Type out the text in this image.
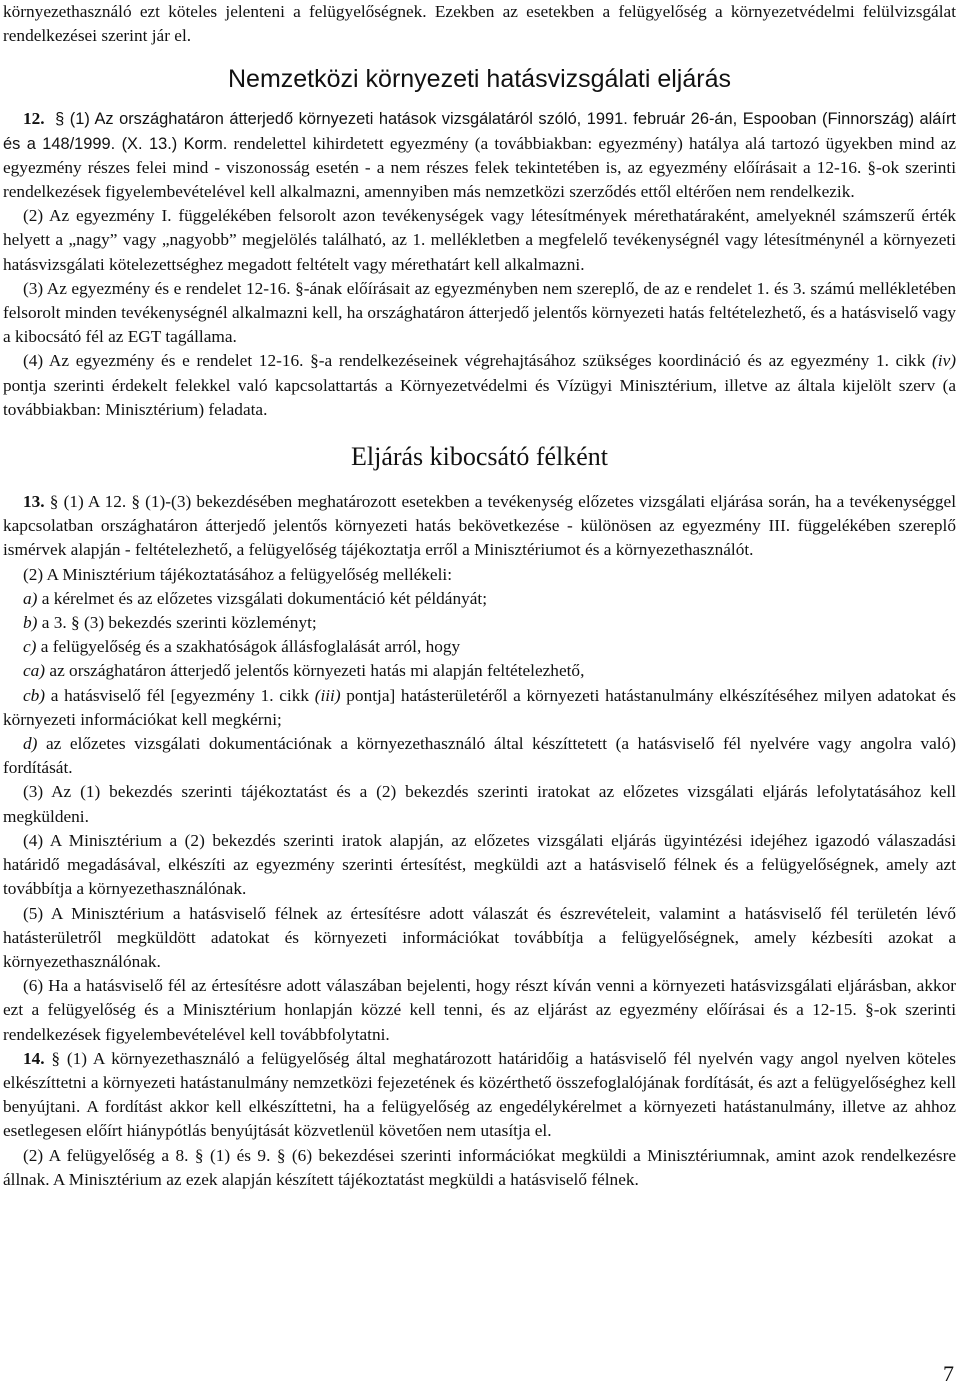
környezethasználó ezt köteles jelenteni a felügyelőségnek. Ezekben az esetekben a felügyelőség a környezetvédelmi felülvizsgálat rendelkezései szerint jár el.

Nemzetközi környezeti hatásvizsgálati eljárás

12. § (1) Az országhatáron átterjedő környezeti hatások vizsgálatáról szóló, 1991. február 26-án, Espooban (Finnország) aláírt és a 148/1999. (X. 13.) Korm. rendelettel kihirdetett egyezmény (a továbbiakban: egyezmény) hatálya alá tartozó ügyekben mind az egyezmény részes felei mind - viszonosság esetén - a nem részes felek tekintetében is, az egyezmény előírásait a 12-16. §-ok szerinti rendelkezések figyelembevételével kell alkalmazni, amennyiben más nemzetközi szerződés ettől eltérően nem rendelkezik.

(2) Az egyezmény I. függelékében felsorolt azon tevékenységek vagy létesítmények mérethatáraként, amelyeknél számszerű érték helyett a „nagy” vagy „nagyobb” megjelölés található, az 1. mellékletben a megfelelő tevékenységnél vagy létesítménynél a környezeti hatásvizsgálati kötelezettséghez megadott feltételt vagy mérethatárt kell alkalmazni.

(3) Az egyezmény és e rendelet 12-16. §-ának előírásait az egyezményben nem szereplő, de az e rendelet 1. és 3. számú mellékletében felsorolt minden tevékenységnél alkalmazni kell, ha országhatáron átterjedő jelentős környezeti hatás feltételezhető, és a hatásviselő vagy a kibocsátó fél az EGT tagállama.

(4) Az egyezmény és e rendelet 12-16. §-a rendelkezéseinek végrehajtásához szükséges koordináció és az egyezmény 1. cikk (iv) pontja szerinti érdekelt felekkel való kapcsolattartás a Környezetvédelmi és Vízügyi Minisztérium, illetve az általa kijelölt szerv (a továbbiakban: Minisztérium) feladata.

Eljárás kibocsátó félként

13. § (1) A 12. § (1)-(3) bekezdésében meghatározott esetekben a tevékenység előzetes vizsgálati eljárása során, ha a tevékenységgel kapcsolatban országhatáron átterjedő jelentős környezeti hatás bekövetkezése - különösen az egyezmény III. függelékében szereplő ismérvek alapján - feltételezhető, a felügyelőség tájékoztatja erről a Minisztériumot és a környezethasználót.

(2) A Minisztérium tájékoztatásához a felügyelőség mellékeli:

a) a kérelmet és az előzetes vizsgálati dokumentáció két példányát;

b) a 3. § (3) bekezdés szerinti közleményt;

c) a felügyelőség és a szakhatóságok állásfoglalását arról, hogy

ca) az országhatáron átterjedő jelentős környezeti hatás mi alapján feltételezhető,

cb) a hatásviselő fél [egyezmény 1. cikk (iii) pontja] hatásterületéről a környezeti hatástanulmány elkészítéséhez milyen adatokat és környezeti információkat kell megkérni;

d) az előzetes vizsgálati dokumentációnak a környezethasználó által készíttetett (a hatásviselő fél nyelvére vagy angolra való) fordítását.

(3) Az (1) bekezdés szerinti tájékoztatást és a (2) bekezdés szerinti iratokat az előzetes vizsgálati eljárás lefolytatásához kell megküldeni.

(4) A Minisztérium a (2) bekezdés szerinti iratok alapján, az előzetes vizsgálati eljárás ügyintézési idejéhez igazodó válaszadási határidő megadásával, elkészíti az egyezmény szerinti értesítést, megküldi azt a hatásviselő félnek és a felügyelőségnek, amely azt továbbítja a környezethasználónak.

(5) A Minisztérium a hatásviselő félnek az értesítésre adott válaszát és észrevételeit, valamint a hatásviselő fél területén lévő hatásterületről megküldött adatokat és környezeti információkat továbbítja a felügyelőségnek, amely kézbesíti azokat a környezethasználónak.

(6) Ha a hatásviselő fél az értesítésre adott válaszában bejelenti, hogy részt kíván venni a környezeti hatásvizsgálati eljárásban, akkor ezt a felügyelőség és a Minisztérium honlapján közzé kell tenni, és az eljárást az egyezmény előírásai és a 12-15. §-ok szerinti rendelkezések figyelembevételével kell továbbfolytatni.

14. § (1) A környezethasználó a felügyelőség által meghatározott határidőig a hatásviselő fél nyelvén vagy angol nyelven köteles elkészíttetni a környezeti hatástanulmány nemzetközi fejezetének és közérthető összefoglalójának fordítását, és azt a felügyelőséghez kell benyújtani. A fordítást akkor kell elkészíttetni, ha a felügyelőség az engedélykérelmet a környezeti hatástanulmány, illetve az ahhoz esetlegesen előírt hiánypótlás benyújtását közvetlenül követően nem utasítja el.

(2) A felügyelőség a 8. § (1) és 9. § (6) bekezdései szerinti információkat megküldi a Minisztériumnak, amint azok rendelkezésre állnak. A Minisztérium az ezek alapján készített tájékoztatást megküldi a hatásviselő félnek.

7
